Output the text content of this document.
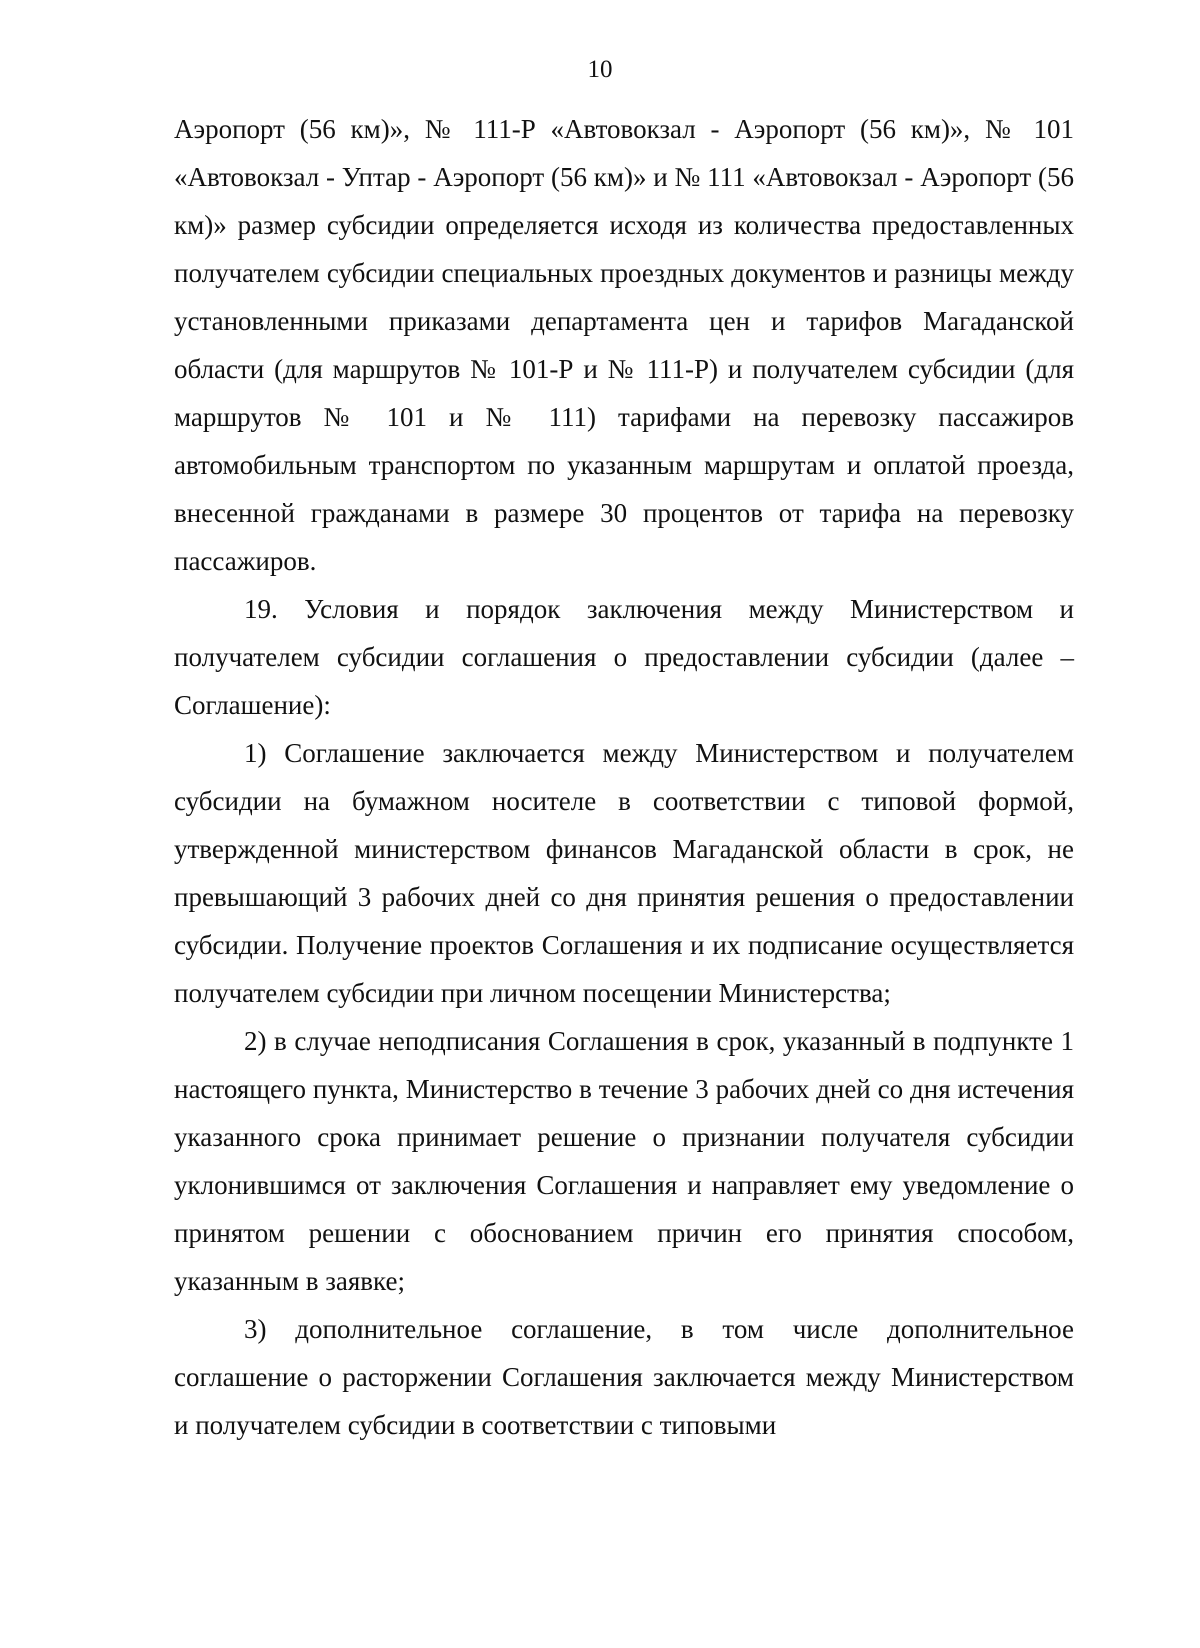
10

Аэропорт (56 км)», № 111-Р «Автовокзал - Аэропорт (56 км)», № 101 «Автовокзал - Уптар - Аэропорт (56 км)» и № 111 «Автовокзал - Аэропорт (56 км)» размер субсидии определяется исходя из количества предоставленных получателем субсидии специальных проездных документов и разницы между установленными приказами департамента цен и тарифов Магаданской области (для маршрутов № 101-Р и № 111-Р) и получателем субсидии (для маршрутов № 101 и № 111) тарифами на перевозку пассажиров автомобильным транспортом по указанным маршрутам и оплатой проезда, внесенной гражданами в размере 30 процентов от тарифа на перевозку пассажиров.

19. Условия и порядок заключения между Министерством и получателем субсидии соглашения о предоставлении субсидии (далее – Соглашение):

1) Соглашение заключается между Министерством и получателем субсидии на бумажном носителе в соответствии с типовой формой, утвержденной министерством финансов Магаданской области в срок, не превышающий 3 рабочих дней со дня принятия решения о предоставлении субсидии. Получение проектов Соглашения и их подписание осуществляется получателем субсидии при личном посещении Министерства;

2) в случае неподписания Соглашения в срок, указанный в подпункте 1 настоящего пункта, Министерство в течение 3 рабочих дней со дня истечения указанного срока принимает решение о признании получателя субсидии уклонившимся от заключения Соглашения и направляет ему уведомление о принятом решении с обоснованием причин его принятия способом, указанным в заявке;

3) дополнительное соглашение, в том числе дополнительное соглашение о расторжении Соглашения заключается между Министерством и получателем субсидии в соответствии с типовыми
